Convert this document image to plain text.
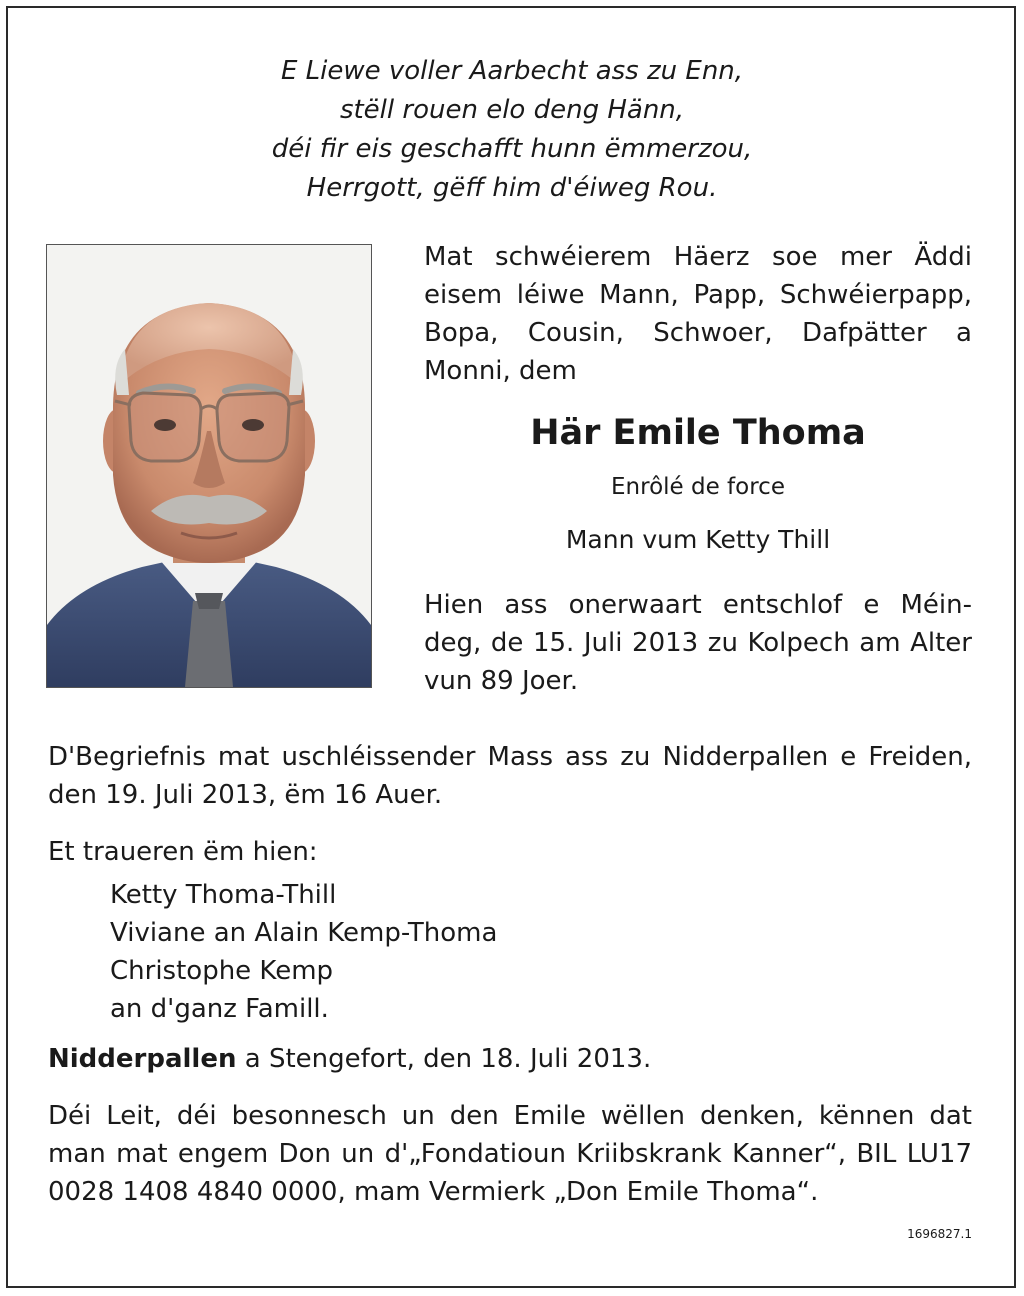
E Liewe voller Aarbecht ass zu Enn,
stëll rouen elo deng Hänn,
déi fir eis geschafft hunn ëmmerzou,
Herrgott, gëff him d'éiweg Rou.
Mat schwéierem Häerz soe mer Äddi
eisem léiwe Mann, Papp, Schwéierpapp,
Bopa, Cousin, Schwoer, Dafpätter a
Monni, dem
Här Emile Thoma
Enrôlé de force
Mann vum Ketty Thill
Hien ass onerwaart entschlof e Méin-
deg, de 15. Juli 2013 zu Kolpech am Alter
vun 89 Joer.
D'Begriefnis mat uschléissender Mass ass zu Nidderpallen e Freiden,
den 19. Juli 2013, ëm 16 Auer.
Et traueren ëm hien:
Ketty Thoma-Thill
Viviane an Alain Kemp-Thoma
Christophe Kemp
an d'ganz Famill.
Nidderpallen a Stengefort, den 18. Juli 2013.
Déi Leit, déi besonnesch un den Emile wëllen denken, kënnen dat
man mat engem Don un d'„Fondatioun Kriibskrank Kanner“, BIL LU17
0028 1408 4840 0000, mam Vermierk „Don Emile Thoma“.
1696827.1
